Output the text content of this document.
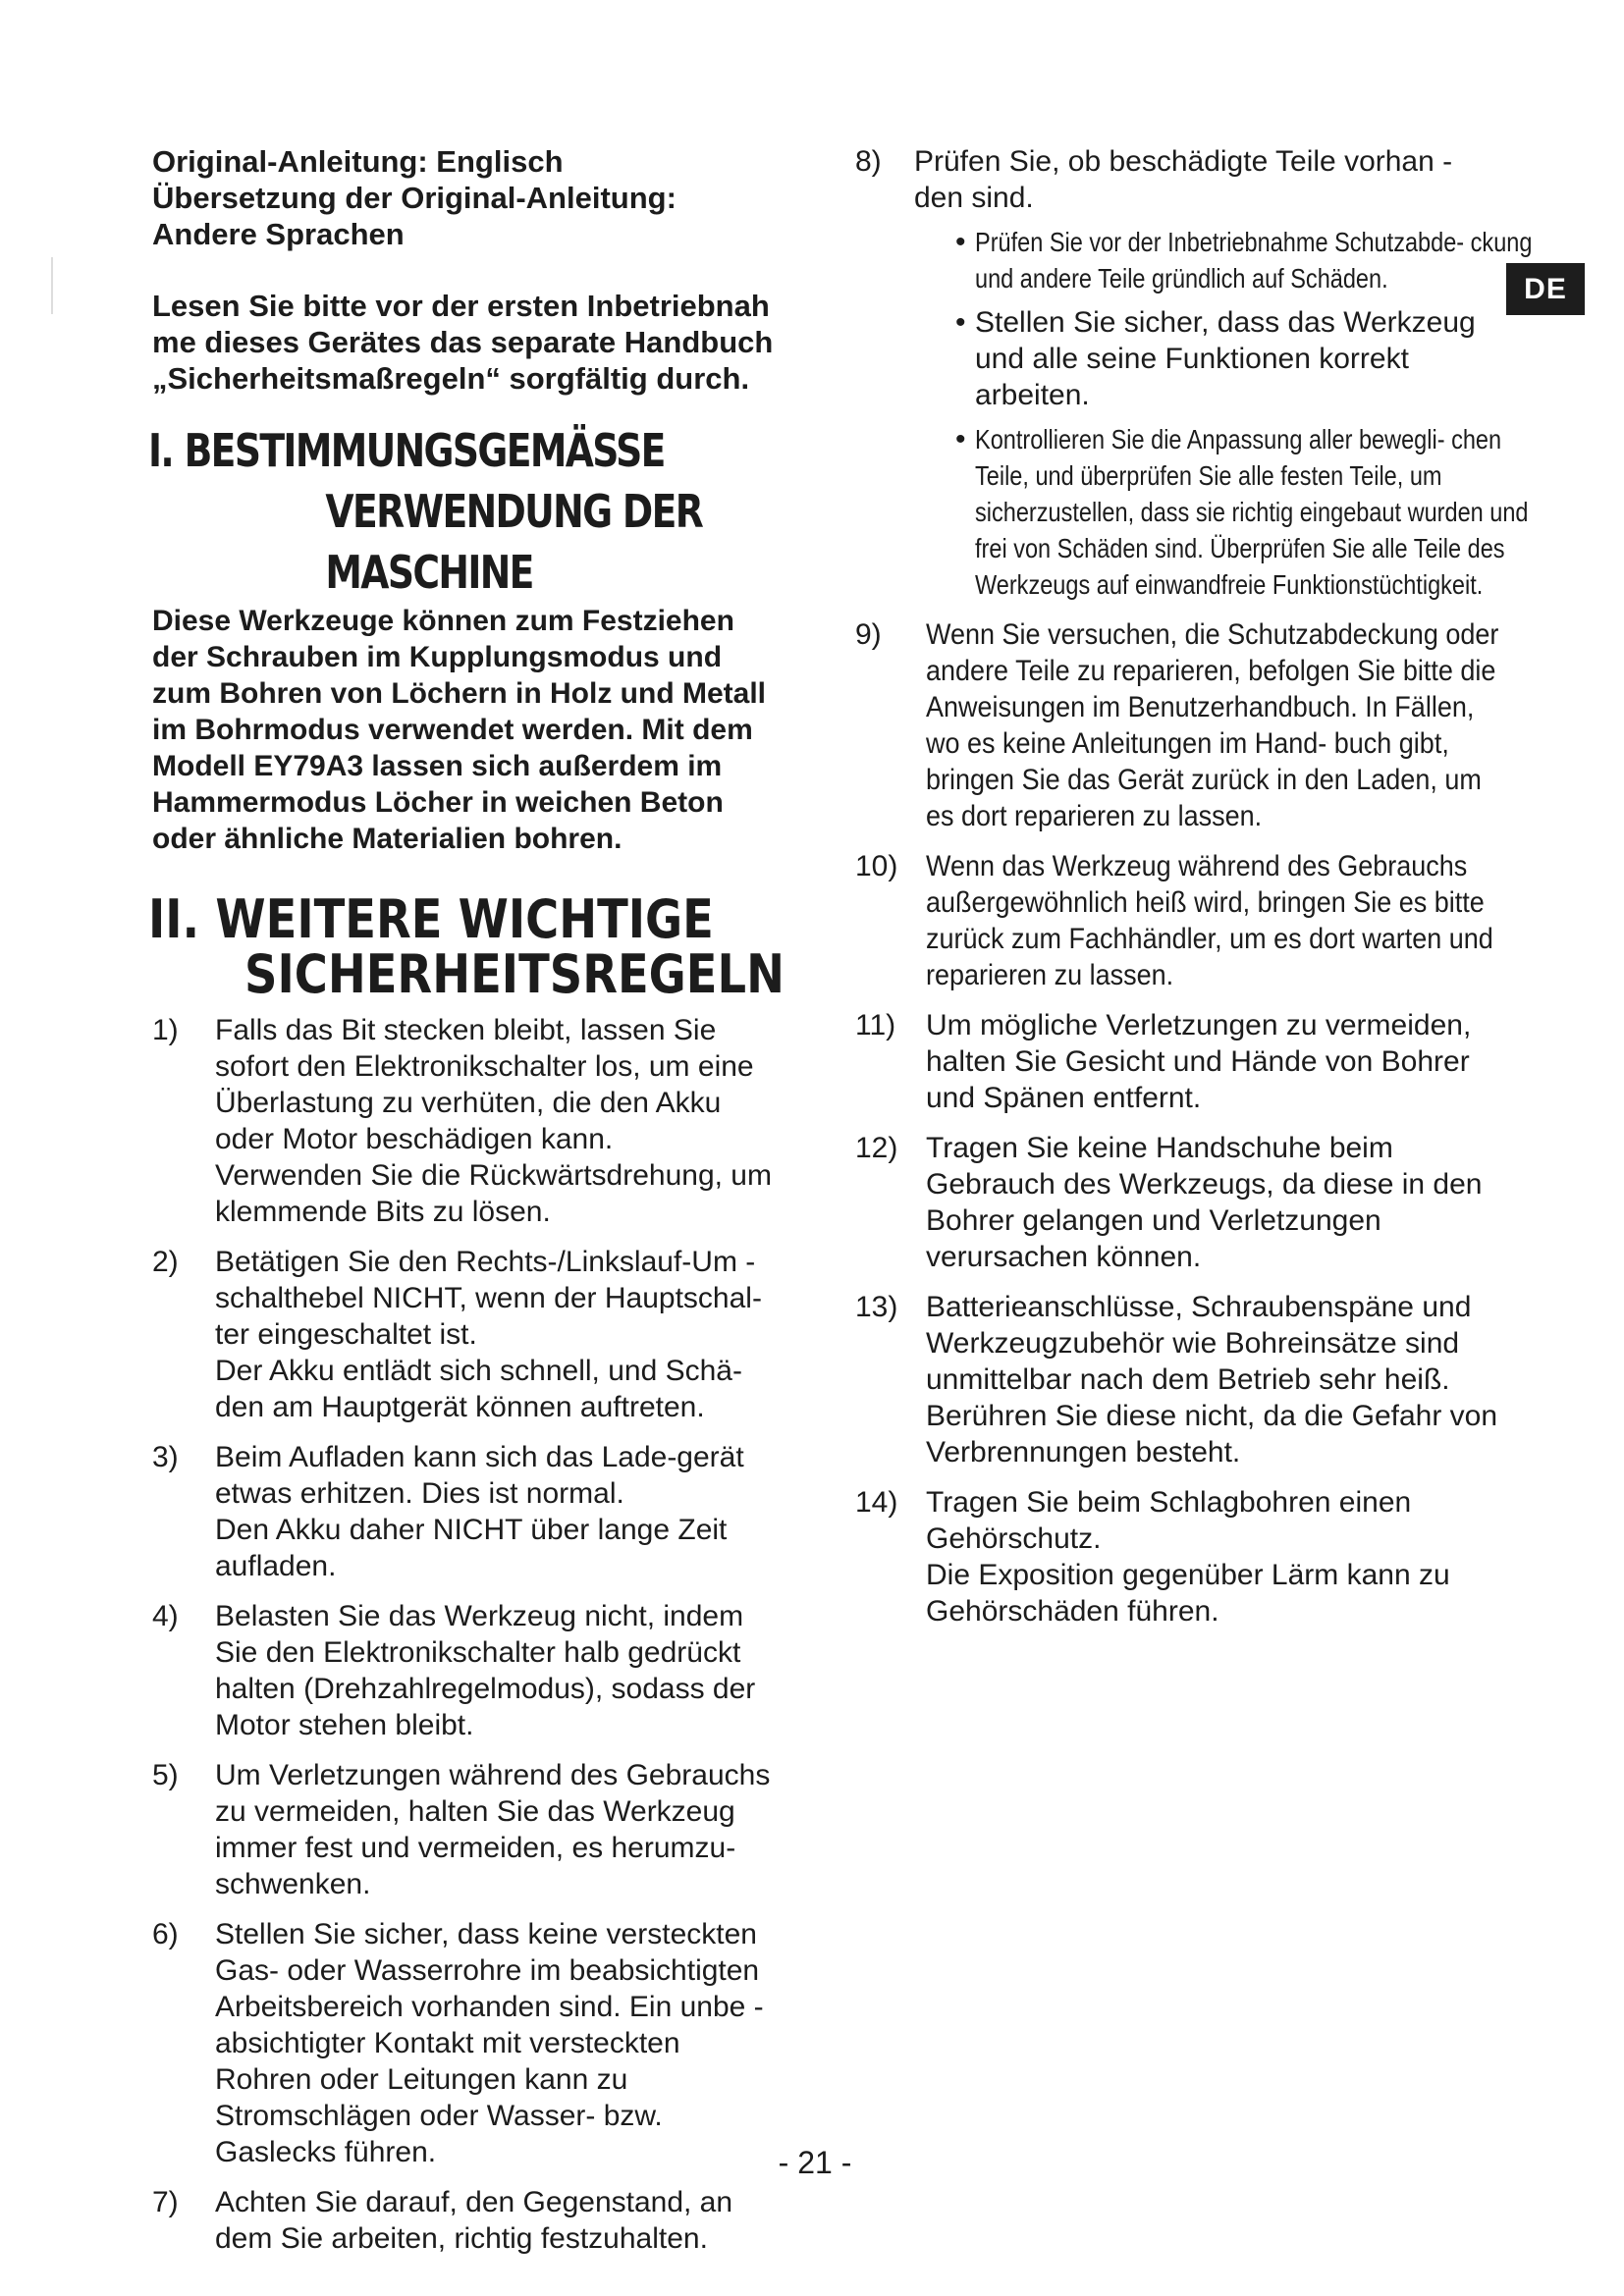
DE

Original-Anleitung: Englisch

Übersetzung der Original-Anleitung: Andere Sprachen

Lesen Sie bitte vor der ersten Inbetriebnah me dieses Gerätes das separate Handbuch „Sicherheitsmaßregeln“ sorgfältig durch.

I. BESTIMMUNGSGEMÄSSE
VERWENDUNG DER MASCHINE

Diese Werkzeuge können zum Festziehen der Schrauben im Kupplungsmodus und zum Bohren von Löchern in Holz und Metall im Bohrmodus verwendet werden. Mit dem Modell EY79A3 lassen sich außerdem im Hammermodus Löcher in weichen Beton oder ähnliche Materialien bohren.

II. WEITERE WICHTIGE
SICHERHEITSREGELN
1) Falls das Bit stecken bleibt, lassen Sie sofort den Elektronikschalter los, um eine Überlastung zu verhüten, die den Akku oder Motor beschädigen kann.

Verwenden Sie die Rückwärtsdrehung, um klemmende Bits zu lösen.

2) Betätigen Sie den Rechts-/Linkslauf-Um - schalthebel NICHT, wenn der Hauptschal- ter eingeschaltet ist.

Der Akku entlädt sich schnell, und Schä- den am Hauptgerät können auftreten.

3) Beim Aufladen kann sich das Lade-gerät etwas erhitzen. Dies ist normal.

Den Akku daher NICHT über lange Zeit aufladen.

4) Belasten Sie das Werkzeug nicht, indem Sie den Elektronikschalter halb gedrückt halten (Drehzahlregelmodus), sodass der Motor stehen bleibt.

5) Um Verletzungen während des Gebrauchs zu vermeiden, halten Sie das Werkzeug immer fest und vermeiden, es herumzu- schwenken.

6) Stellen Sie sicher, dass keine versteckten Gas- oder Wasserrohre im beabsichtigten Arbeitsbereich vorhanden sind. Ein unbe - absichtigter Kontakt mit versteckten Rohren oder Leitungen kann zu Stromschlägen oder Wasser- bzw. Gaslecks führen.

7) Achten Sie darauf, den Gegenstand, an dem Sie arbeiten, richtig festzuhalten.

8) Prüfen Sie, ob beschädigte Teile vorhan - den sind.

• Prüfen Sie vor der Inbetriebnahme Schutzabde- ckung und andere Teile gründlich auf Schäden.
• Stellen Sie sicher, dass das Werkzeug und alle seine Funktionen korrekt arbeiten.
• Kontrollieren Sie die Anpassung aller bewegli- chen Teile, und überprüfen Sie alle festen Teile, um sicherzustellen, dass sie richtig eingebaut wurden und frei von Schäden sind. Überprüfen Sie alle Teile des Werkzeugs auf einwandfreie Funktionstüchtigkeit.
9) Wenn Sie versuchen, die Schutzabdeckung oder andere Teile zu reparieren, befolgen Sie bitte die Anweisungen im Benutzerhandbuch. In Fällen, wo es keine Anleitungen im Hand- buch gibt, bringen Sie das Gerät zurück in den Laden, um es dort reparieren zu lassen.

10) Wenn das Werkzeug während des Gebrauchs außergewöhnlich heiß wird, bringen Sie es bitte zurück zum Fachhändler, um es dort warten und reparieren zu lassen.

11) Um mögliche Verletzungen zu vermeiden, halten Sie Gesicht und Hände von Bohrer und Spänen entfernt.

12) Tragen Sie keine Handschuhe beim Gebrauch des Werkzeugs, da diese in den Bohrer gelangen und Verletzungen verursachen können.

13) Batterieanschlüsse, Schraubenspäne und Werkzeugzubehör wie Bohreinsätze sind unmittelbar nach dem Betrieb sehr heiß. Berühren Sie diese nicht, da die Gefahr von Verbrennungen besteht.

14) Tragen Sie beim Schlagbohren einen Gehörschutz.

Die Exposition gegenüber Lärm kann zu Gehörschäden führen.

- 21 -
